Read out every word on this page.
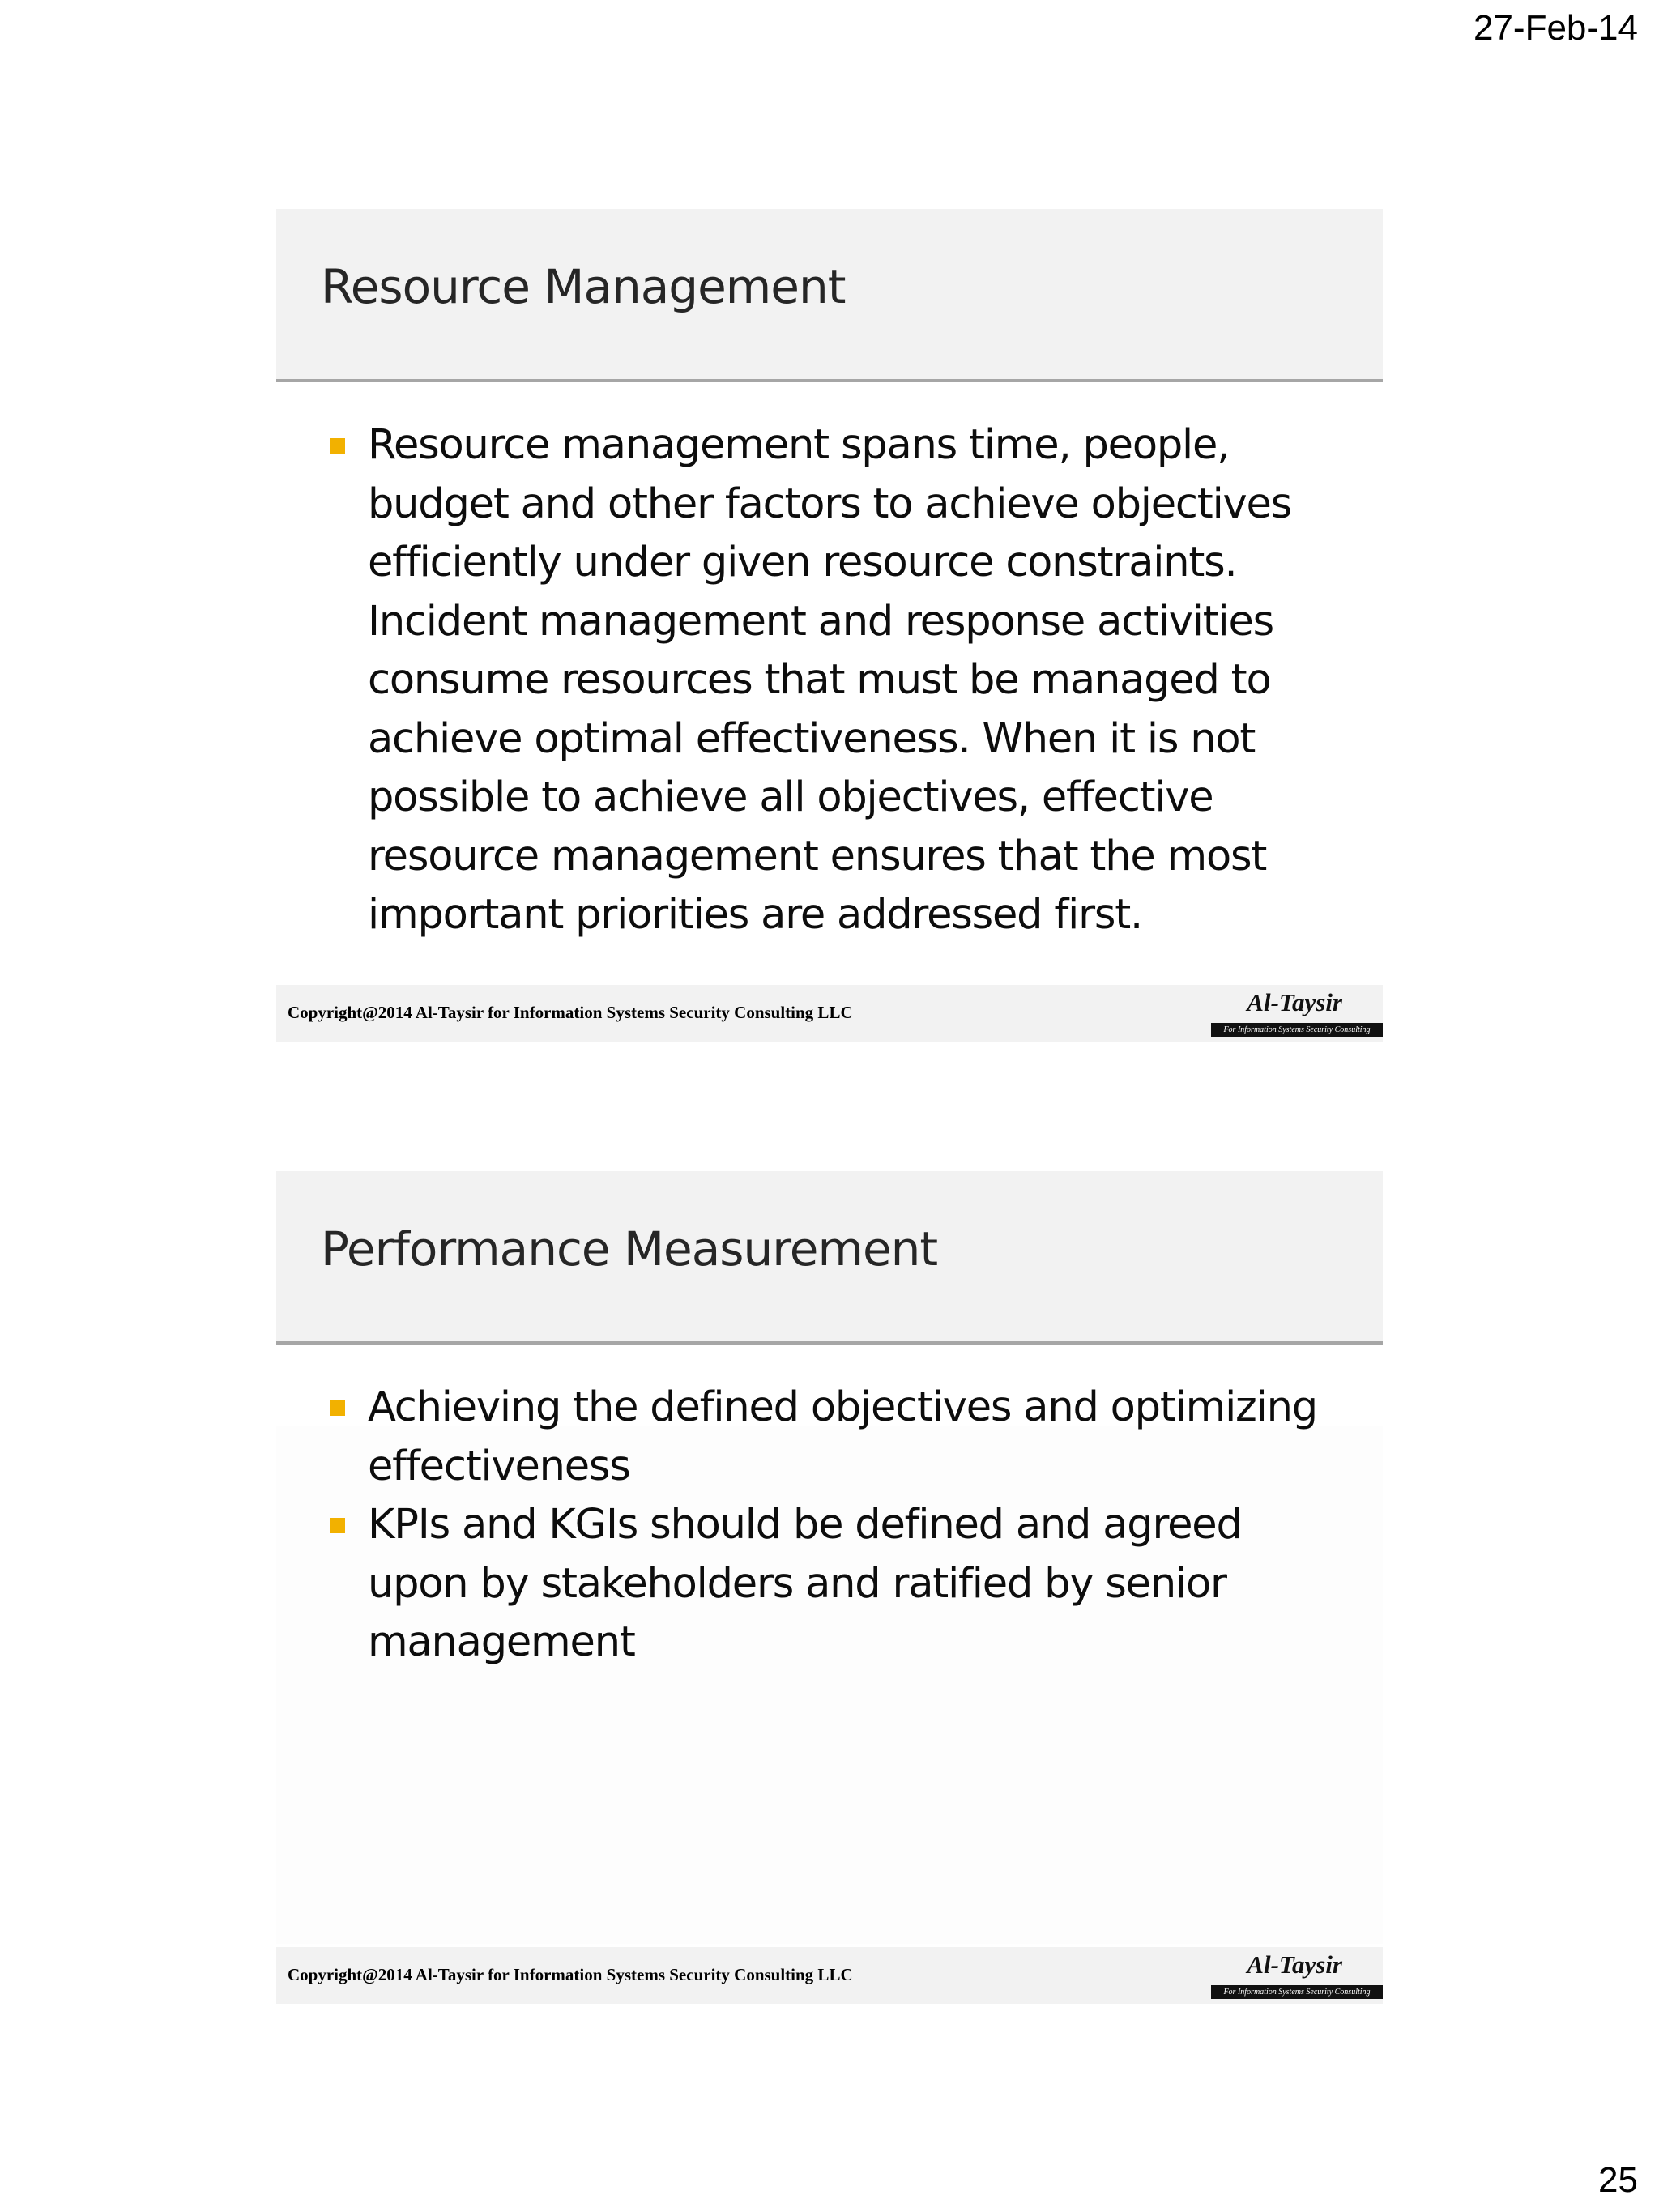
27-Feb-14
Resource Management
Resource management spans time, people, budget and other factors to achieve objectives efficiently under given resource constraints. Incident management and response activities consume resources that must be managed to achieve optimal effectiveness. When it is not possible to achieve all objectives, effective resource management ensures that the most important priorities are addressed first.
Copyright@2014 Al-Taysir for Information Systems Security Consulting LLC	Al-Taysir
For Information Systems Security Consulting
Performance Measurement
Achieving the defined objectives and optimizing effectiveness
KPIs and KGIs should be defined and agreed upon by stakeholders and ratified by senior management
Copyright@2014 Al-Taysir for Information Systems Security Consulting LLC	Al-Taysir
For Information Systems Security Consulting
25
